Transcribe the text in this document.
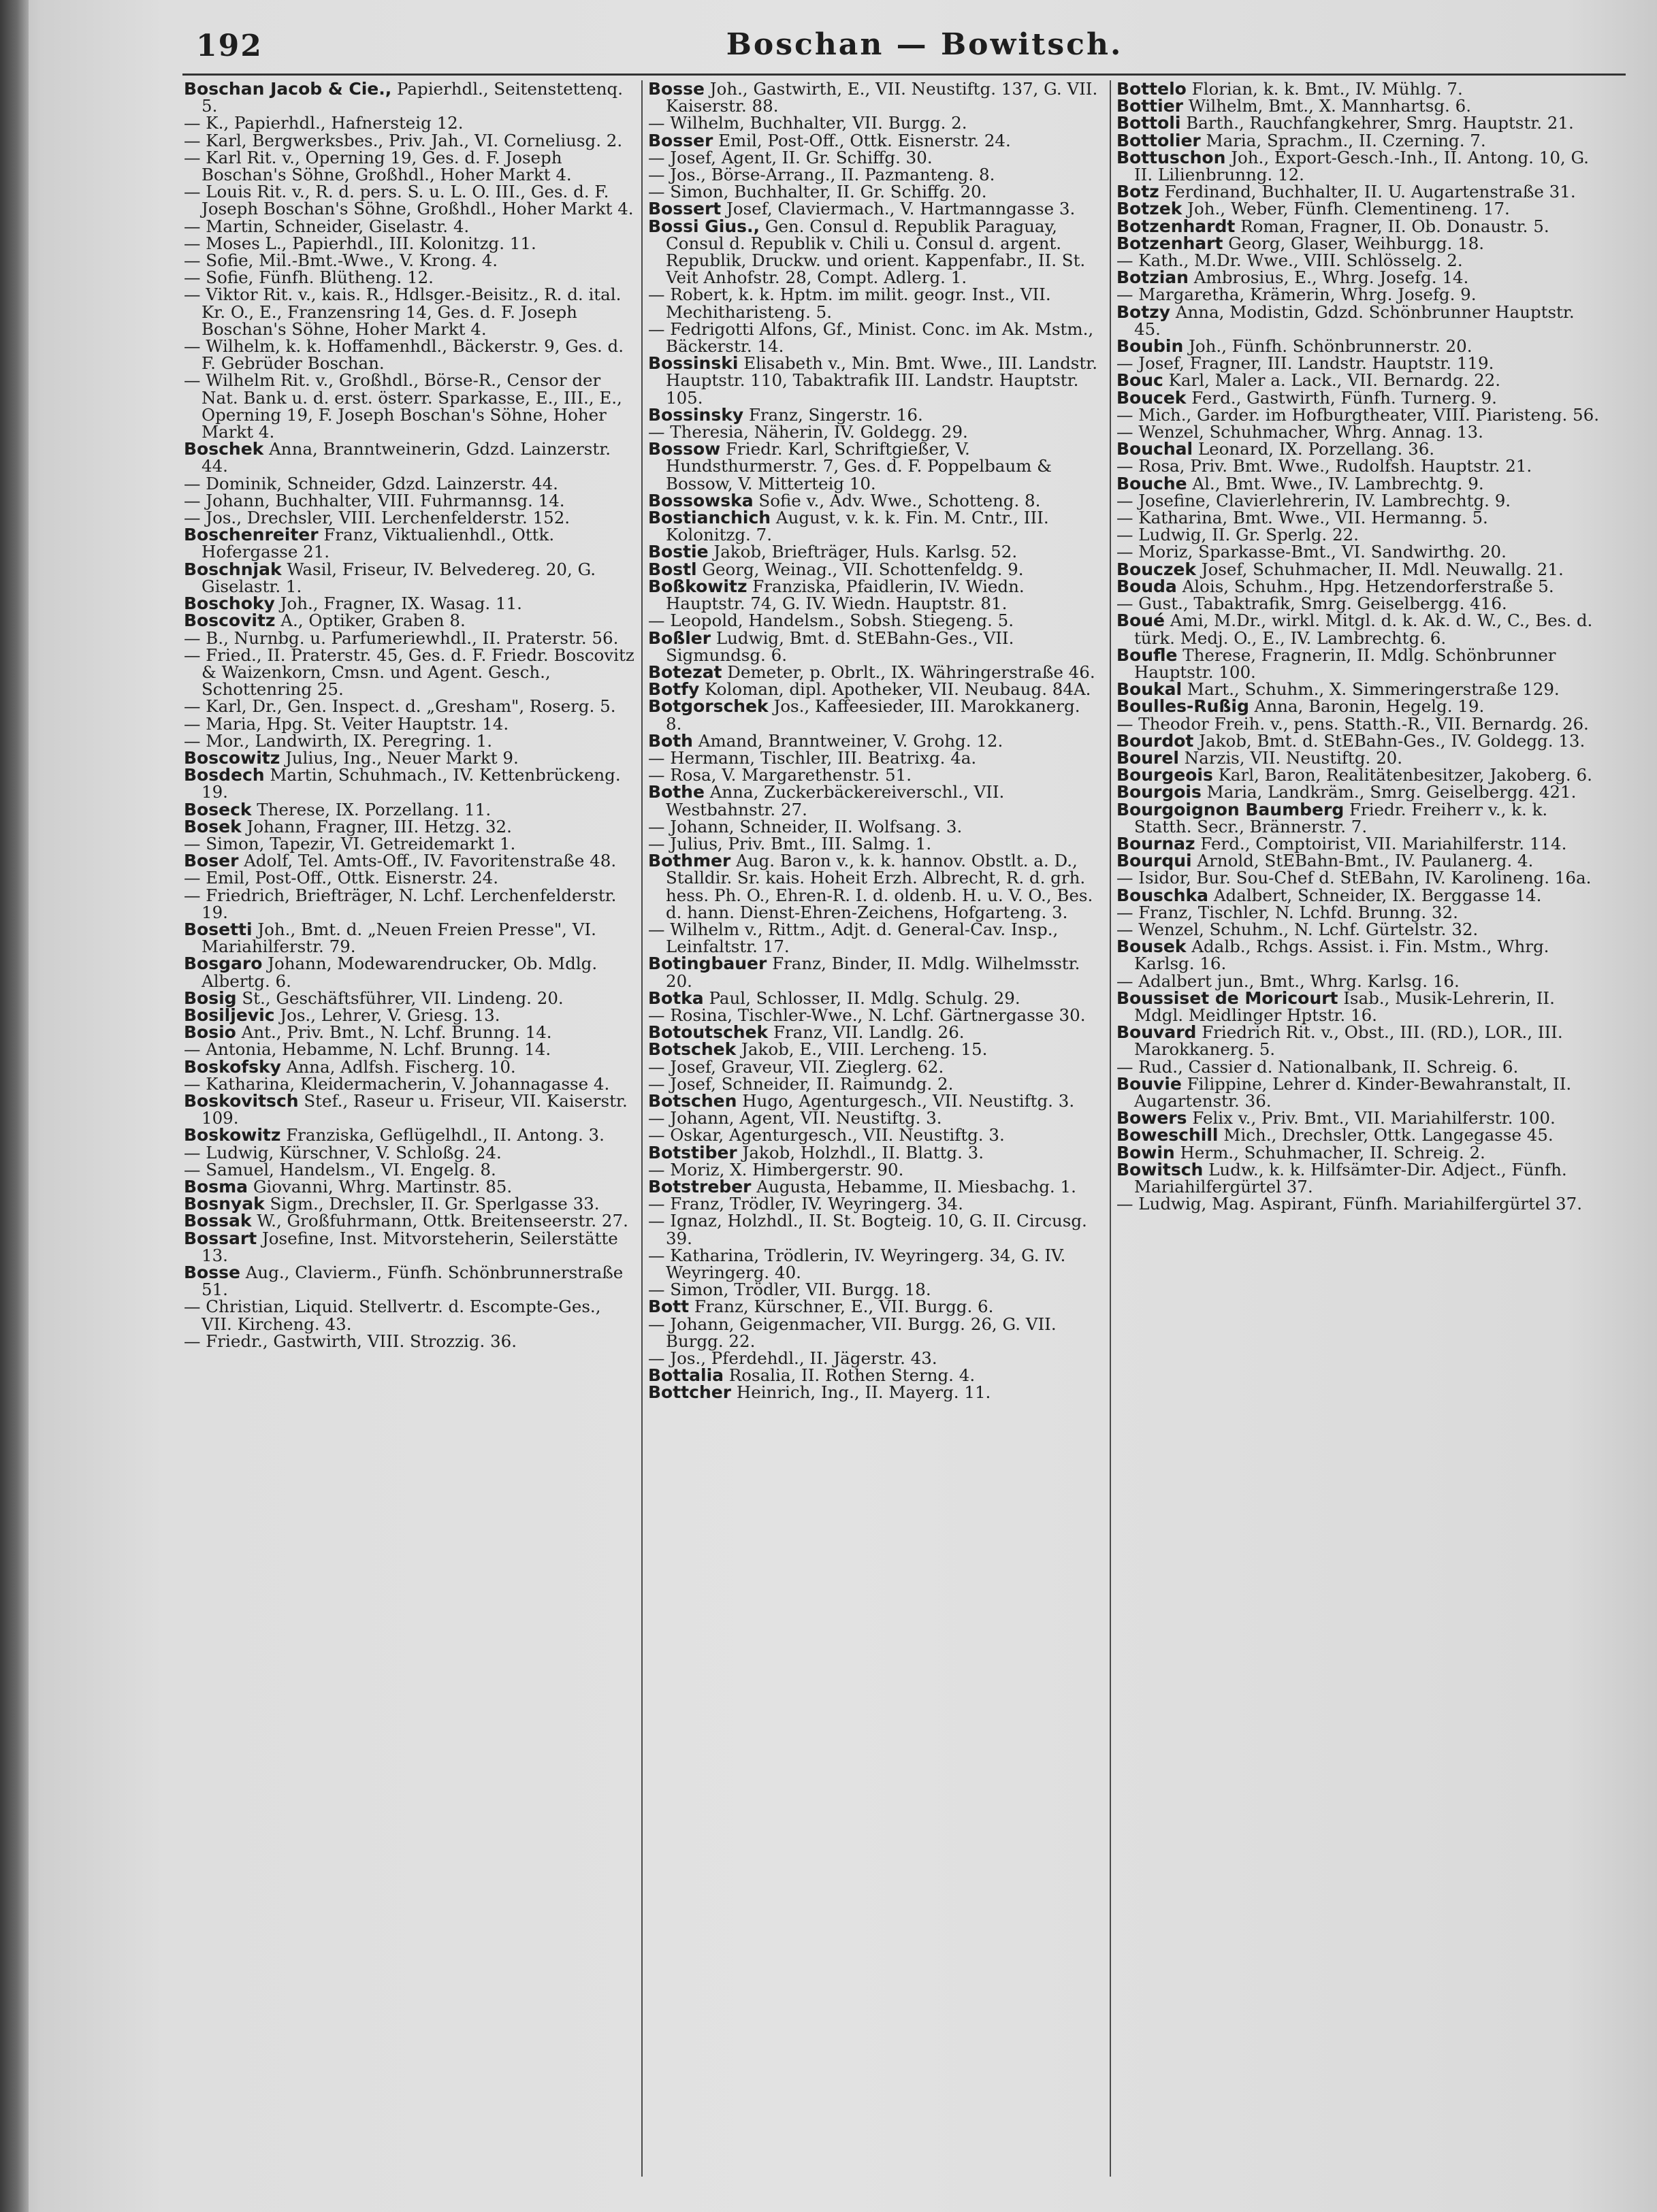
192	Boschan — Bowitsch.

Boschan Jacob & Cie., Papierhdl., Seitenstettenq. 5.

— K., Papierhdl., Hafnersteig 12.

— Karl, Bergwerksbes., Priv. Jah., VI. Corneliusg. 2.

— Karl Rit. v., Operning 19, Ges. d. F. Joseph Boschan's Söhne, Großhdl., Hoher Markt 4.

— Louis Rit. v., R. d. pers. S. u. L. O. III., Ges. d. F. Joseph Boschan's Söhne, Großhdl., Hoher Markt 4.

— Martin, Schneider, Giselastr. 4.

— Moses L., Papierhdl., III. Kolonitzg. 11.

— Sofie, Mil.-Bmt.-Wwe., V. Krong. 4.

— Sofie, Fünfh. Blütheng. 12.

— Viktor Rit. v., kais. R., Hdlsger.-Beisitz., R. d. ital. Kr. O., E., Franzensring 14, Ges. d. F. Joseph Boschan's Söhne, Hoher Markt 4.

— Wilhelm, k. k. Hoffamenhdl., Bäckerstr. 9, Ges. d. F. Gebrüder Boschan.

— Wilhelm Rit. v., Großhdl., Börse-R., Censor der Nat. Bank u. d. erst. österr. Sparkasse, E., III., E., Operning 19, F. Joseph Boschan's Söhne, Hoher Markt 4.

Boschek Anna, Branntweinerin, Gdzd. Lainzerstr. 44.

— Dominik, Schneider, Gdzd. Lainzerstr. 44.

— Johann, Buchhalter, VIII. Fuhrmannsg. 14.

— Jos., Drechsler, VIII. Lerchenfelderstr. 152.

Boschenreiter Franz, Viktualienhdl., Ottk. Hofergasse 21.

Boschnjak Wasil, Friseur, IV. Belvedereg. 20, G. Giselastr. 1.

Boschoky Joh., Fragner, IX. Wasag. 11.

Boscovitz A., Optiker, Graben 8.

— B., Nurnbg. u. Parfumeriewhdl., II. Praterstr. 56.

— Fried., II. Praterstr. 45, Ges. d. F. Friedr. Boscovitz & Waizenkorn, Cmsn. und Agent. Gesch., Schottenring 25.

— Karl, Dr., Gen. Inspect. d. „Gresham", Roserg. 5.

— Maria, Hpg. St. Veiter Hauptstr. 14.

— Mor., Landwirth, IX. Peregring. 1.

Boscowitz Julius, Ing., Neuer Markt 9.

Bosdech Martin, Schuhmach., IV. Kettenbrückeng. 19.

Boseck Therese, IX. Porzellang. 11.

Bosek Johann, Fragner, III. Hetzg. 32.

— Simon, Tapezir, VI. Getreidemarkt 1.

Boser Adolf, Tel. Amts-Off., IV. Favoritenstraße 48.

— Emil, Post-Off., Ottk. Eisnerstr. 24.

— Friedrich, Briefträger, N. Lchf. Lerchenfelderstr. 19.

Bosetti Joh., Bmt. d. „Neuen Freien Presse", VI. Mariahilferstr. 79.

Bosgaro Johann, Modewarendrucker, Ob. Mdlg. Albertg. 6.

Bosig St., Geschäftsführer, VII. Lindeng. 20.

Bosiljevic Jos., Lehrer, V. Griesg. 13.

Bosio Ant., Priv. Bmt., N. Lchf. Brunng. 14.

— Antonia, Hebamme, N. Lchf. Brunng. 14.

Boskofsky Anna, Adlfsh. Fischerg. 10.

— Katharina, Kleidermacherin, V. Johannagasse 4.

Boskovitsch Stef., Raseur u. Friseur, VII. Kaiserstr. 109.

Boskowitz Franziska, Geflügelhdl., II. Antong. 3.

— Ludwig, Kürschner, V. Schloßg. 24.

— Samuel, Handelsm., VI. Engelg. 8.

Bosma Giovanni, Whrg. Martinstr. 85.

Bosnyak Sigm., Drechsler, II. Gr. Sperlgasse 33.

Bossak W., Großfuhrmann, Ottk. Breitenseerstr. 27.

Bossart Josefine, Inst. Mitvorsteherin, Seilerstätte 13.

Bosse Aug., Clavierm., Fünfh. Schönbrunnerstraße 51.

— Christian, Liquid. Stellvertr. d. Escompte-Ges., VII. Kircheng. 43.

— Friedr., Gastwirth, VIII. Strozzig. 36.

Bosse Joh., Gastwirth, E., VII. Neustiftg. 137, G. VII. Kaiserstr. 88.

— Wilhelm, Buchhalter, VII. Burgg. 2.

Bosser Emil, Post-Off., Ottk. Eisnerstr. 24.

— Josef, Agent, II. Gr. Schiffg. 30.

— Jos., Börse-Arrang., II. Pazmanteng. 8.

— Simon, Buchhalter, II. Gr. Schiffg. 20.

Bossert Josef, Claviermach., V. Hartmanngasse 3.

Bossi Gius., Gen. Consul d. Republik Paraguay, Consul d. Republik v. Chili u. Consul d. argent. Republik, Druckw. und orient. Kappenfabr., II. St. Veit Anhofstr. 28, Compt. Adlerg. 1.

— Robert, k. k. Hptm. im milit. geogr. Inst., VII. Mechitharisteng. 5.

— Fedrigotti Alfons, Gf., Minist. Conc. im Ak. Mstm., Bäckerstr. 14.

Bossinski Elisabeth v., Min. Bmt. Wwe., III. Landstr. Hauptstr. 110, Tabaktrafik III. Landstr. Hauptstr. 105.

Bossinsky Franz, Singerstr. 16.

— Theresia, Näherin, IV. Goldegg. 29.

Bossow Friedr. Karl, Schriftgießer, V. Hundsthurmerstr. 7, Ges. d. F. Poppelbaum & Bossow, V. Mitterteig 10.

Bossowska Sofie v., Adv. Wwe., Schotteng. 8.

Bostianchich August, v. k. k. Fin. M. Cntr., III. Kolonitzg. 7.

Bostie Jakob, Briefträger, Huls. Karlsg. 52.

Bostl Georg, Weinag., VII. Schottenfeldg. 9.

Boßkowitz Franziska, Pfaidlerin, IV. Wiedn. Hauptstr. 74, G. IV. Wiedn. Hauptstr. 81.

— Leopold, Handelsm., Sobsh. Stiegeng. 5.

Boßler Ludwig, Bmt. d. StEBahn-Ges., VII. Sigmundsg. 6.

Botezat Demeter, p. Obrlt., IX. Währingerstraße 46.

Botfy Koloman, dipl. Apotheker, VII. Neubaug. 84A.

Botgorschek Jos., Kaffeesieder, III. Marokkanerg. 8.

Both Amand, Branntweiner, V. Grohg. 12.

— Hermann, Tischler, III. Beatrixg. 4a.

— Rosa, V. Margarethenstr. 51.

Bothe Anna, Zuckerbäckereiverschl., VII. Westbahnstr. 27.

— Johann, Schneider, II. Wolfsang. 3.

— Julius, Priv. Bmt., III. Salmg. 1.

Bothmer Aug. Baron v., k. k. hannov. Obstlt. a. D., Stalldir. Sr. kais. Hoheit Erzh. Albrecht, R. d. grh. hess. Ph. O., Ehren-R. I. d. oldenb. H. u. V. O., Bes. d. hann. Dienst-Ehren-Zeichens, Hofgarteng. 3.

— Wilhelm v., Rittm., Adjt. d. General-Cav. Insp., Leinfaltstr. 17.

Botingbauer Franz, Binder, II. Mdlg. Wilhelmsstr. 20.

Botka Paul, Schlosser, II. Mdlg. Schulg. 29.

— Rosina, Tischler-Wwe., N. Lchf. Gärtnergasse 30.

Botoutschek Franz, VII. Landlg. 26.

Botschek Jakob, E., VIII. Lercheng. 15.

— Josef, Graveur, VII. Zieglerg. 62.

— Josef, Schneider, II. Raimundg. 2.

Botschen Hugo, Agenturgesch., VII. Neustiftg. 3.

— Johann, Agent, VII. Neustiftg. 3.

— Oskar, Agenturgesch., VII. Neustiftg. 3.

Botstiber Jakob, Holzhdl., II. Blattg. 3.

— Moriz, X. Himbergerstr. 90.

Botstreber Augusta, Hebamme, II. Miesbachg. 1.

— Franz, Trödler, IV. Weyringerg. 34.

— Ignaz, Holzhdl., II. St. Bogteig. 10, G. II. Circusg. 39.

— Katharina, Trödlerin, IV. Weyringerg. 34, G. IV. Weyringerg. 40.

— Simon, Trödler, VII. Burgg. 18.

Bott Franz, Kürschner, E., VII. Burgg. 6.

— Johann, Geigenmacher, VII. Burgg. 26, G. VII. Burgg. 22.

— Jos., Pferdehdl., II. Jägerstr. 43.

Bottalia Rosalia, II. Rothen Sterng. 4.

Bottcher Heinrich, Ing., II. Mayerg. 11.

Bottelo Florian, k. k. Bmt., IV. Mühlg. 7.

Bottier Wilhelm, Bmt., X. Mannhartsg. 6.

Bottoli Barth., Rauchfangkehrer, Smrg. Hauptstr. 21.

Bottolier Maria, Sprachm., II. Czerning. 7.

Bottuschon Joh., Export-Gesch.-Inh., II. Antong. 10, G. II. Lilienbrunng. 12.

Botz Ferdinand, Buchhalter, II. U. Augartenstraße 31.

Botzek Joh., Weber, Fünfh. Clementineng. 17.

Botzenhardt Roman, Fragner, II. Ob. Donaustr. 5.

Botzenhart Georg, Glaser, Weihburgg. 18.

— Kath., M.Dr. Wwe., VIII. Schlösselg. 2.

Botzian Ambrosius, E., Whrg. Josefg. 14.

— Margaretha, Krämerin, Whrg. Josefg. 9.

Botzy Anna, Modistin, Gdzd. Schönbrunner Hauptstr. 45.

Boubin Joh., Fünfh. Schönbrunnerstr. 20.

— Josef, Fragner, III. Landstr. Hauptstr. 119.

Bouc Karl, Maler a. Lack., VII. Bernardg. 22.

Boucek Ferd., Gastwirth, Fünfh. Turnerg. 9.

— Mich., Garder. im Hofburgtheater, VIII. Piaristeng. 56.

— Wenzel, Schuhmacher, Whrg. Annag. 13.

Bouchal Leonard, IX. Porzellang. 36.

— Rosa, Priv. Bmt. Wwe., Rudolfsh. Hauptstr. 21.

Bouche Al., Bmt. Wwe., IV. Lambrechtg. 9.

— Josefine, Clavierlehrerin, IV. Lambrechtg. 9.

— Katharina, Bmt. Wwe., VII. Hermanng. 5.

— Ludwig, II. Gr. Sperlg. 22.

— Moriz, Sparkasse-Bmt., VI. Sandwirthg. 20.

Bouczek Josef, Schuhmacher, II. Mdl. Neuwallg. 21.

Bouda Alois, Schuhm., Hpg. Hetzendorferstraße 5.

— Gust., Tabaktrafik, Smrg. Geiselbergg. 416.

Boué Ami, M.Dr., wirkl. Mitgl. d. k. Ak. d. W., C., Bes. d. türk. Medj. O., E., IV. Lambrechtg. 6.

Boufle Therese, Fragnerin, II. Mdlg. Schönbrunner Hauptstr. 100.

Boukal Mart., Schuhm., X. Simmeringerstraße 129.

Boulles-Rußig Anna, Baronin, Hegelg. 19.

— Theodor Freih. v., pens. Statth.-R., VII. Bernardg. 26.

Bourdot Jakob, Bmt. d. StEBahn-Ges., IV. Goldegg. 13.

Bourel Narzis, VII. Neustiftg. 20.

Bourgeois Karl, Baron, Realitätenbesitzer, Jakoberg. 6.

Bourgois Maria, Landkräm., Smrg. Geiselbergg. 421.

Bourgoignon Baumberg Friedr. Freiherr v., k. k. Statth. Secr., Brännerstr. 7.

Bournaz Ferd., Comptoirist, VII. Mariahilferstr. 114.

Bourqui Arnold, StEBahn-Bmt., IV. Paulanerg. 4.

— Isidor, Bur. Sou-Chef d. StEBahn, IV. Karolineng. 16a.

Bouschka Adalbert, Schneider, IX. Berggasse 14.

— Franz, Tischler, N. Lchfd. Brunng. 32.

— Wenzel, Schuhm., N. Lchf. Gürtelstr. 32.

Bousek Adalb., Rchgs. Assist. i. Fin. Mstm., Whrg. Karlsg. 16.

— Adalbert jun., Bmt., Whrg. Karlsg. 16.

Boussiset de Moricourt Isab., Musik-Lehrerin, II. Mdgl. Meidlinger Hptstr. 16.

Bouvard Friedrich Rit. v., Obst., III. (RD.), LOR., III. Marokkanerg. 5.

— Rud., Cassier d. Nationalbank, II. Schreig. 6.

Bouvie Filippine, Lehrer d. Kinder-Bewahranstalt, II. Augartenstr. 36.

Bowers Felix v., Priv. Bmt., VII. Mariahilferstr. 100.

Boweschill Mich., Drechsler, Ottk. Langegasse 45.

Bowin Herm., Schuhmacher, II. Schreig. 2.

Bowitsch Ludw., k. k. Hilfsämter-Dir. Adject., Fünfh. Mariahilfergürtel 37.

— Ludwig, Mag. Aspirant, Fünfh. Mariahilfergürtel 37.
